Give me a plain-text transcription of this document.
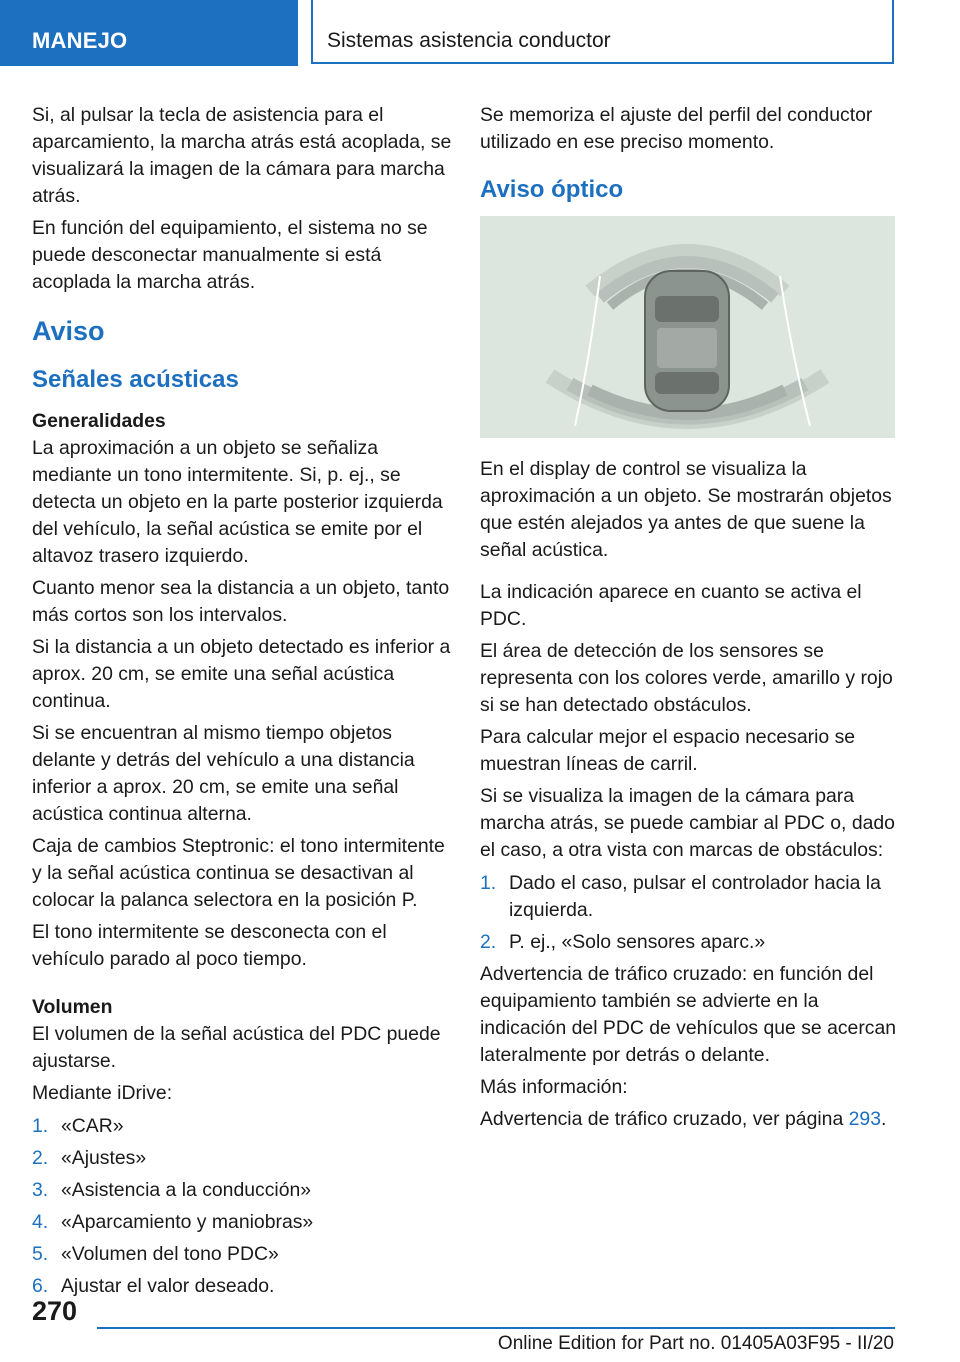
MANEJO	Sistemas asistencia conductor

Si, al pulsar la tecla de asistencia para el aparcamiento, la marcha atrás está acoplada, se visualizará la imagen de la cámara para marcha atrás.

En función del equipamiento, el sistema no se puede desconectar manualmente si está acoplada la marcha atrás.

Aviso
Señales acústicas
Generalidades

La aproximación a un objeto se señaliza mediante un tono intermitente. Si, p. ej., se detecta un objeto en la parte posterior izquierda del vehículo, la señal acústica se emite por el altavoz trasero izquierdo.

Cuanto menor sea la distancia a un objeto, tanto más cortos son los intervalos.

Si la distancia a un objeto detectado es inferior a aprox. 20 cm, se emite una señal acústica continua.

Si se encuentran al mismo tiempo objetos delante y detrás del vehículo a una distancia inferior a aprox. 20 cm, se emite una señal acústica continua alterna.

Caja de cambios Steptronic: el tono intermitente y la señal acústica continua se desactivan al colocar la palanca selectora en la posición P.

El tono intermitente se desconecta con el vehículo parado al poco tiempo.

Volumen

El volumen de la señal acústica del PDC puede ajustarse.

Mediante iDrive:

1. «CAR»
2. «Ajustes»
3. «Asistencia a la conducción»
4. «Aparcamiento y maniobras»
5. «Volumen del tono PDC»
6. Ajustar el valor deseado.

Se memoriza el ajuste del perfil del conductor utilizado en ese preciso momento.

Aviso óptico

En el display de control se visualiza la aproximación a un objeto. Se mostrarán objetos que estén alejados ya antes de que suene la señal acústica.

La indicación aparece en cuanto se activa el PDC.

El área de detección de los sensores se representa con los colores verde, amarillo y rojo si se han detectado obstáculos.

Para calcular mejor el espacio necesario se muestran líneas de carril.

Si se visualiza la imagen de la cámara para marcha atrás, se puede cambiar al PDC o, dado el caso, a otra vista con marcas de obstáculos:

1. Dado el caso, pulsar el controlador hacia la izquierda.
2. P. ej., «Solo sensores aparc.»

Advertencia de tráfico cruzado: en función del equipamiento también se advierte en la indicación del PDC de vehículos que se acercan lateralmente por detrás o delante.

Más información:

Advertencia de tráfico cruzado, ver página 293.

270
Online Edition for Part no. 01405A03F95 - II/20
